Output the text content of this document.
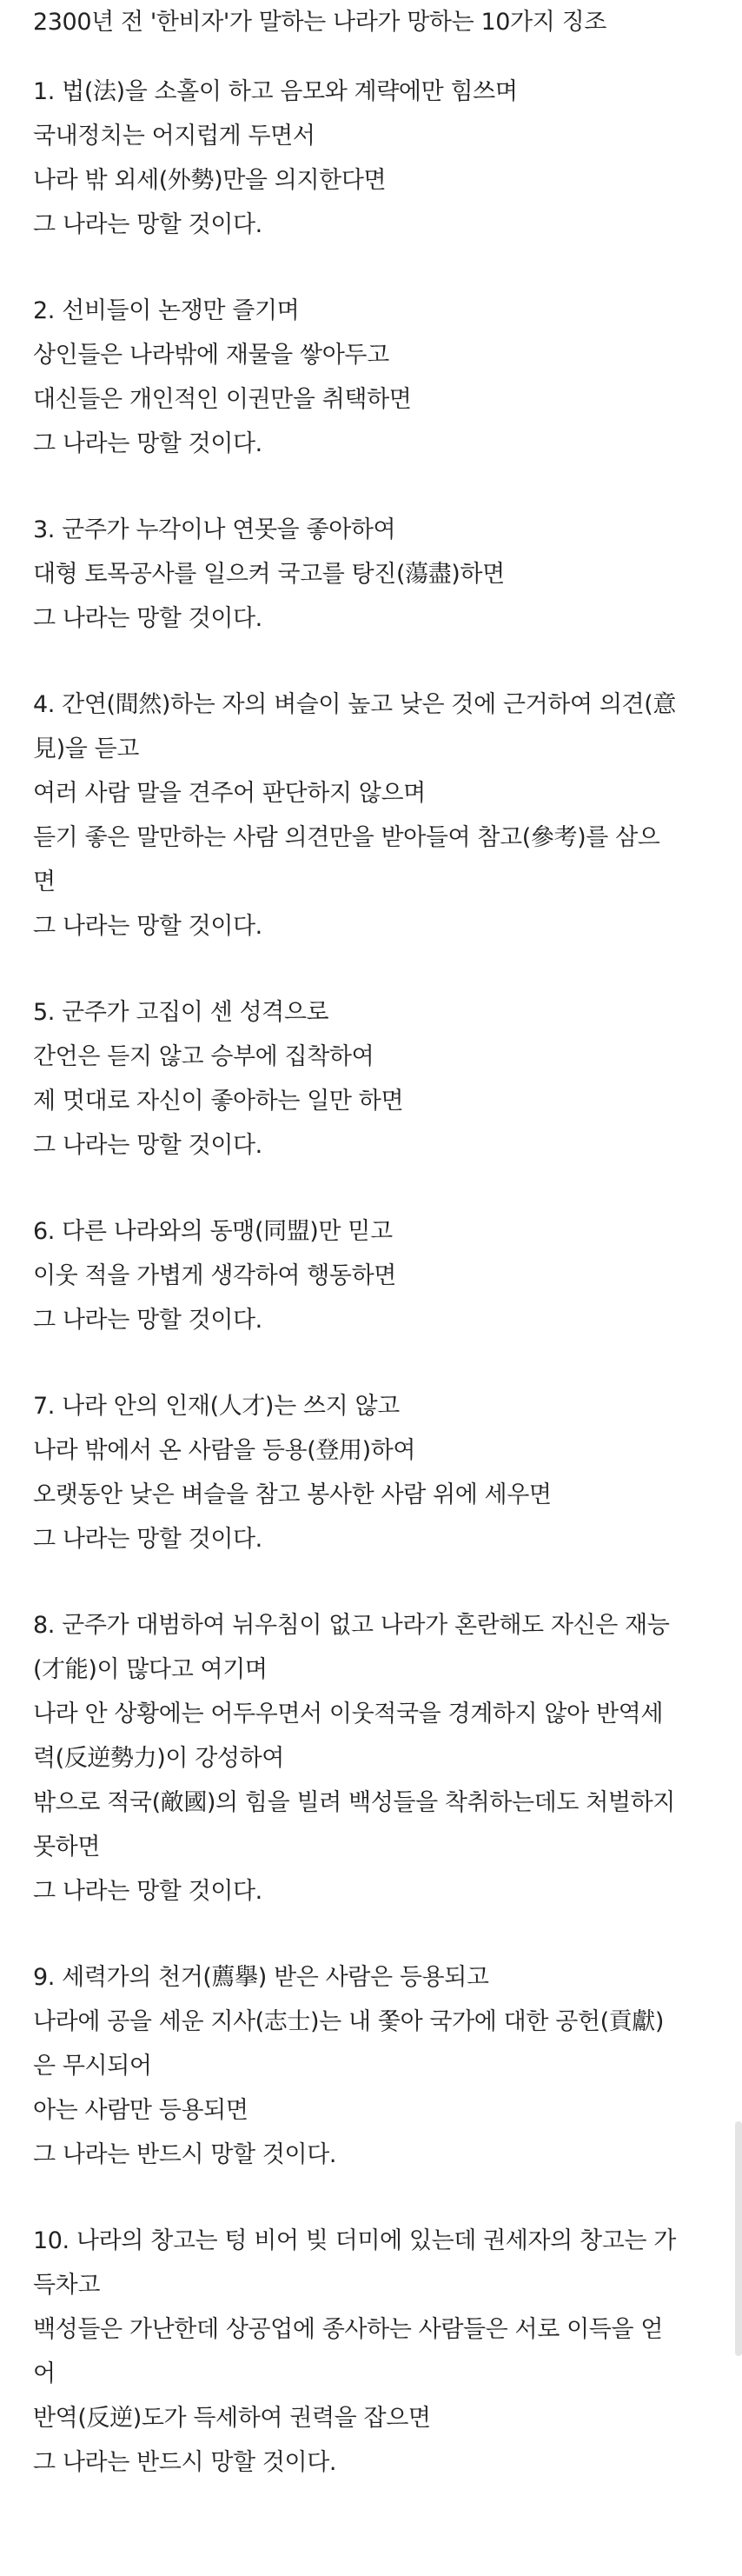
2300년 전 '한비자'가 말하는 나라가 망하는 10가지 징조
1. 법(法)을 소홀이 하고 음모와 계략에만 힘쓰며
국내정치는 어지럽게 두면서
나라 밖 외세(外勢)만을 의지한다면
그 나라는 망할 것이다.
2. 선비들이 논쟁만 즐기며
상인들은 나라밖에 재물을 쌓아두고
대신들은 개인적인 이권만을 취택하면
그 나라는 망할 것이다.
3. 군주가 누각이나 연못을 좋아하여
대형 토목공사를 일으켜 국고를 탕진(蕩盡)하면
그 나라는 망할 것이다.
4. 간연(間然)하는 자의 벼슬이 높고 낮은 것에 근거하여 의견(意
見)을 듣고
여러 사람 말을 견주어 판단하지 않으며
듣기 좋은 말만하는 사람 의견만을 받아들여 참고(參考)를 삼으
면
그 나라는 망할 것이다.
5. 군주가 고집이 센 성격으로
간언은 듣지 않고 승부에 집착하여
제 멋대로 자신이 좋아하는 일만 하면
그 나라는 망할 것이다.
6. 다른 나라와의 동맹(同盟)만 믿고
이웃 적을 가볍게 생각하여 행동하면
그 나라는 망할 것이다.
7. 나라 안의 인재(人才)는 쓰지 않고
나라 밖에서 온 사람을 등용(登用)하여
오랫동안 낮은 벼슬을 참고 봉사한 사람 위에 세우면
그 나라는 망할 것이다.
8. 군주가 대범하여 뉘우침이 없고 나라가 혼란해도 자신은 재능
(才能)이 많다고 여기며
나라 안 상황에는 어두우면서 이웃적국을 경계하지 않아 반역세
력(反逆勢力)이 강성하여
밖으로 적국(敵國)의 힘을 빌려 백성들을 착취하는데도 처벌하지
못하면
그 나라는 망할 것이다.
9. 세력가의 천거(薦擧) 받은 사람은 등용되고
나라에 공을 세운 지사(志士)는 내 쫓아 국가에 대한 공헌(貢獻)
은 무시되어
아는 사람만 등용되면
그 나라는 반드시 망할 것이다.
10. 나라의 창고는 텅 비어 빚 더미에 있는데 권세자의 창고는 가
득차고
백성들은 가난한데 상공업에 종사하는 사람들은 서로 이득을 얻
어
반역(反逆)도가 득세하여 권력을 잡으면
그 나라는 반드시 망할 것이다.
